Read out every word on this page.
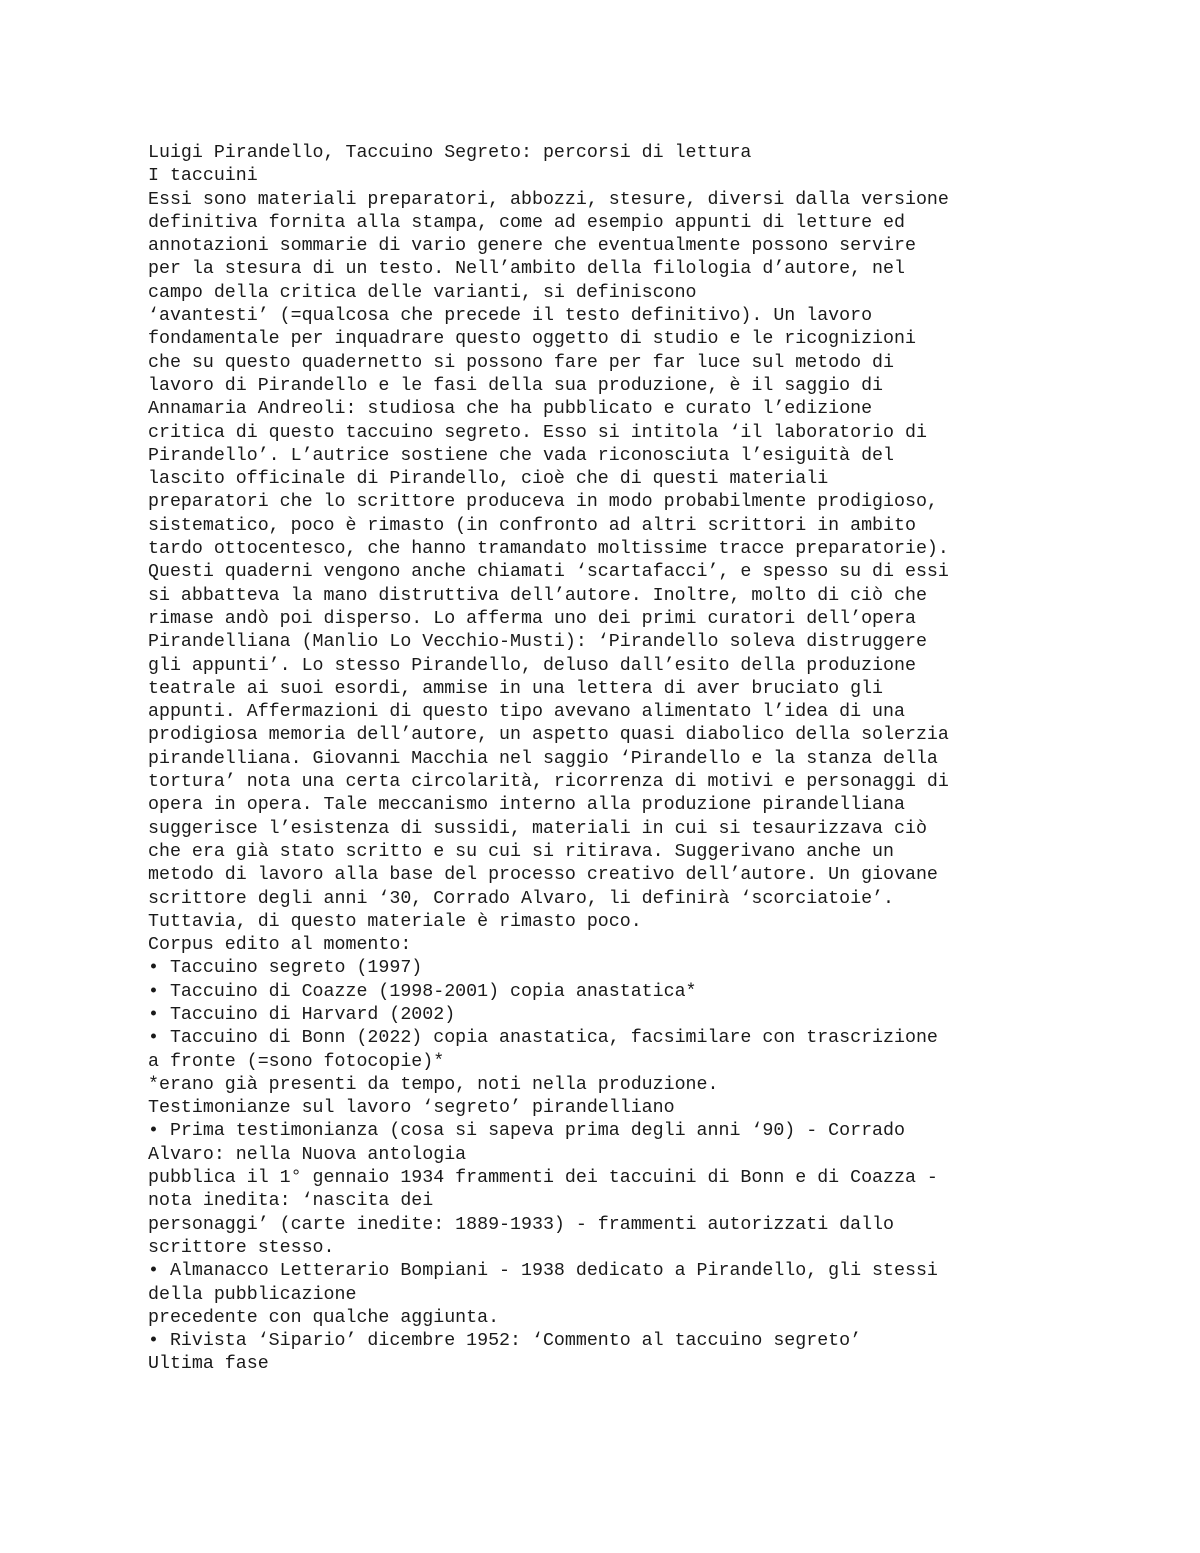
Luigi Pirandello, Taccuino Segreto: percorsi di lettura
I taccuini
Essi sono materiali preparatori, abbozzi, stesure, diversi dalla versione
definitiva fornita alla stampa, come ad esempio appunti di letture ed
annotazioni sommarie di vario genere che eventualmente possono servire
per la stesura di un testo. Nell’ambito della filologia d’autore, nel
campo della critica delle varianti, si definiscono
‘avantesti’ (=qualcosa che precede il testo definitivo). Un lavoro
fondamentale per inquadrare questo oggetto di studio e le ricognizioni
che su questo quadernetto si possono fare per far luce sul metodo di
lavoro di Pirandello e le fasi della sua produzione, è il saggio di
Annamaria Andreoli: studiosa che ha pubblicato e curato l’edizione
critica di questo taccuino segreto. Esso si intitola ‘il laboratorio di
Pirandello’. L’autrice sostiene che vada riconosciuta l’esiguità del
lascito officinale di Pirandello, cioè che di questi materiali
preparatori che lo scrittore produceva in modo probabilmente prodigioso,
sistematico, poco è rimasto (in confronto ad altri scrittori in ambito
tardo ottocentesco, che hanno tramandato moltissime tracce preparatorie).
Questi quaderni vengono anche chiamati ‘scartafacci’, e spesso su di essi
si abbatteva la mano distruttiva dell’autore. Inoltre, molto di ciò che
rimase andò poi disperso. Lo afferma uno dei primi curatori dell’opera
Pirandelliana (Manlio Lo Vecchio-Musti): ‘Pirandello soleva distruggere
gli appunti’. Lo stesso Pirandello, deluso dall’esito della produzione
teatrale ai suoi esordi, ammise in una lettera di aver bruciato gli
appunti. Affermazioni di questo tipo avevano alimentato l’idea di una
prodigiosa memoria dell’autore, un aspetto quasi diabolico della solerzia
pirandelliana. Giovanni Macchia nel saggio ‘Pirandello e la stanza della
tortura’ nota una certa circolarità, ricorrenza di motivi e personaggi di
opera in opera. Tale meccanismo interno alla produzione pirandelliana
suggerisce l’esistenza di sussidi, materiali in cui si tesaurizzava ciò
che era già stato scritto e su cui si ritirava. Suggerivano anche un
metodo di lavoro alla base del processo creativo dell’autore. Un giovane
scrittore degli anni ‘30, Corrado Alvaro, li definirà ‘scorciatoie’.
Tuttavia, di questo materiale è rimasto poco.
Corpus edito al momento:
• Taccuino segreto (1997)
• Taccuino di Coazze (1998-2001) copia anastatica*
• Taccuino di Harvard (2002)
• Taccuino di Bonn (2022) copia anastatica, facsimilare con trascrizione
a fronte (=sono fotocopie)*
*erano già presenti da tempo, noti nella produzione.
Testimonianze sul lavoro ‘segreto’ pirandelliano
• Prima testimonianza (cosa si sapeva prima degli anni ‘90) - Corrado
Alvaro: nella Nuova antologia
pubblica il 1° gennaio 1934 frammenti dei taccuini di Bonn e di Coazza -
nota inedita: ‘nascita dei
personaggi’ (carte inedite: 1889-1933) - frammenti autorizzati dallo
scrittore stesso.
• Almanacco Letterario Bompiani - 1938 dedicato a Pirandello, gli stessi
della pubblicazione
precedente con qualche aggiunta.
• Rivista ‘Sipario’ dicembre 1952: ‘Commento al taccuino segreto’
Ultima fase
